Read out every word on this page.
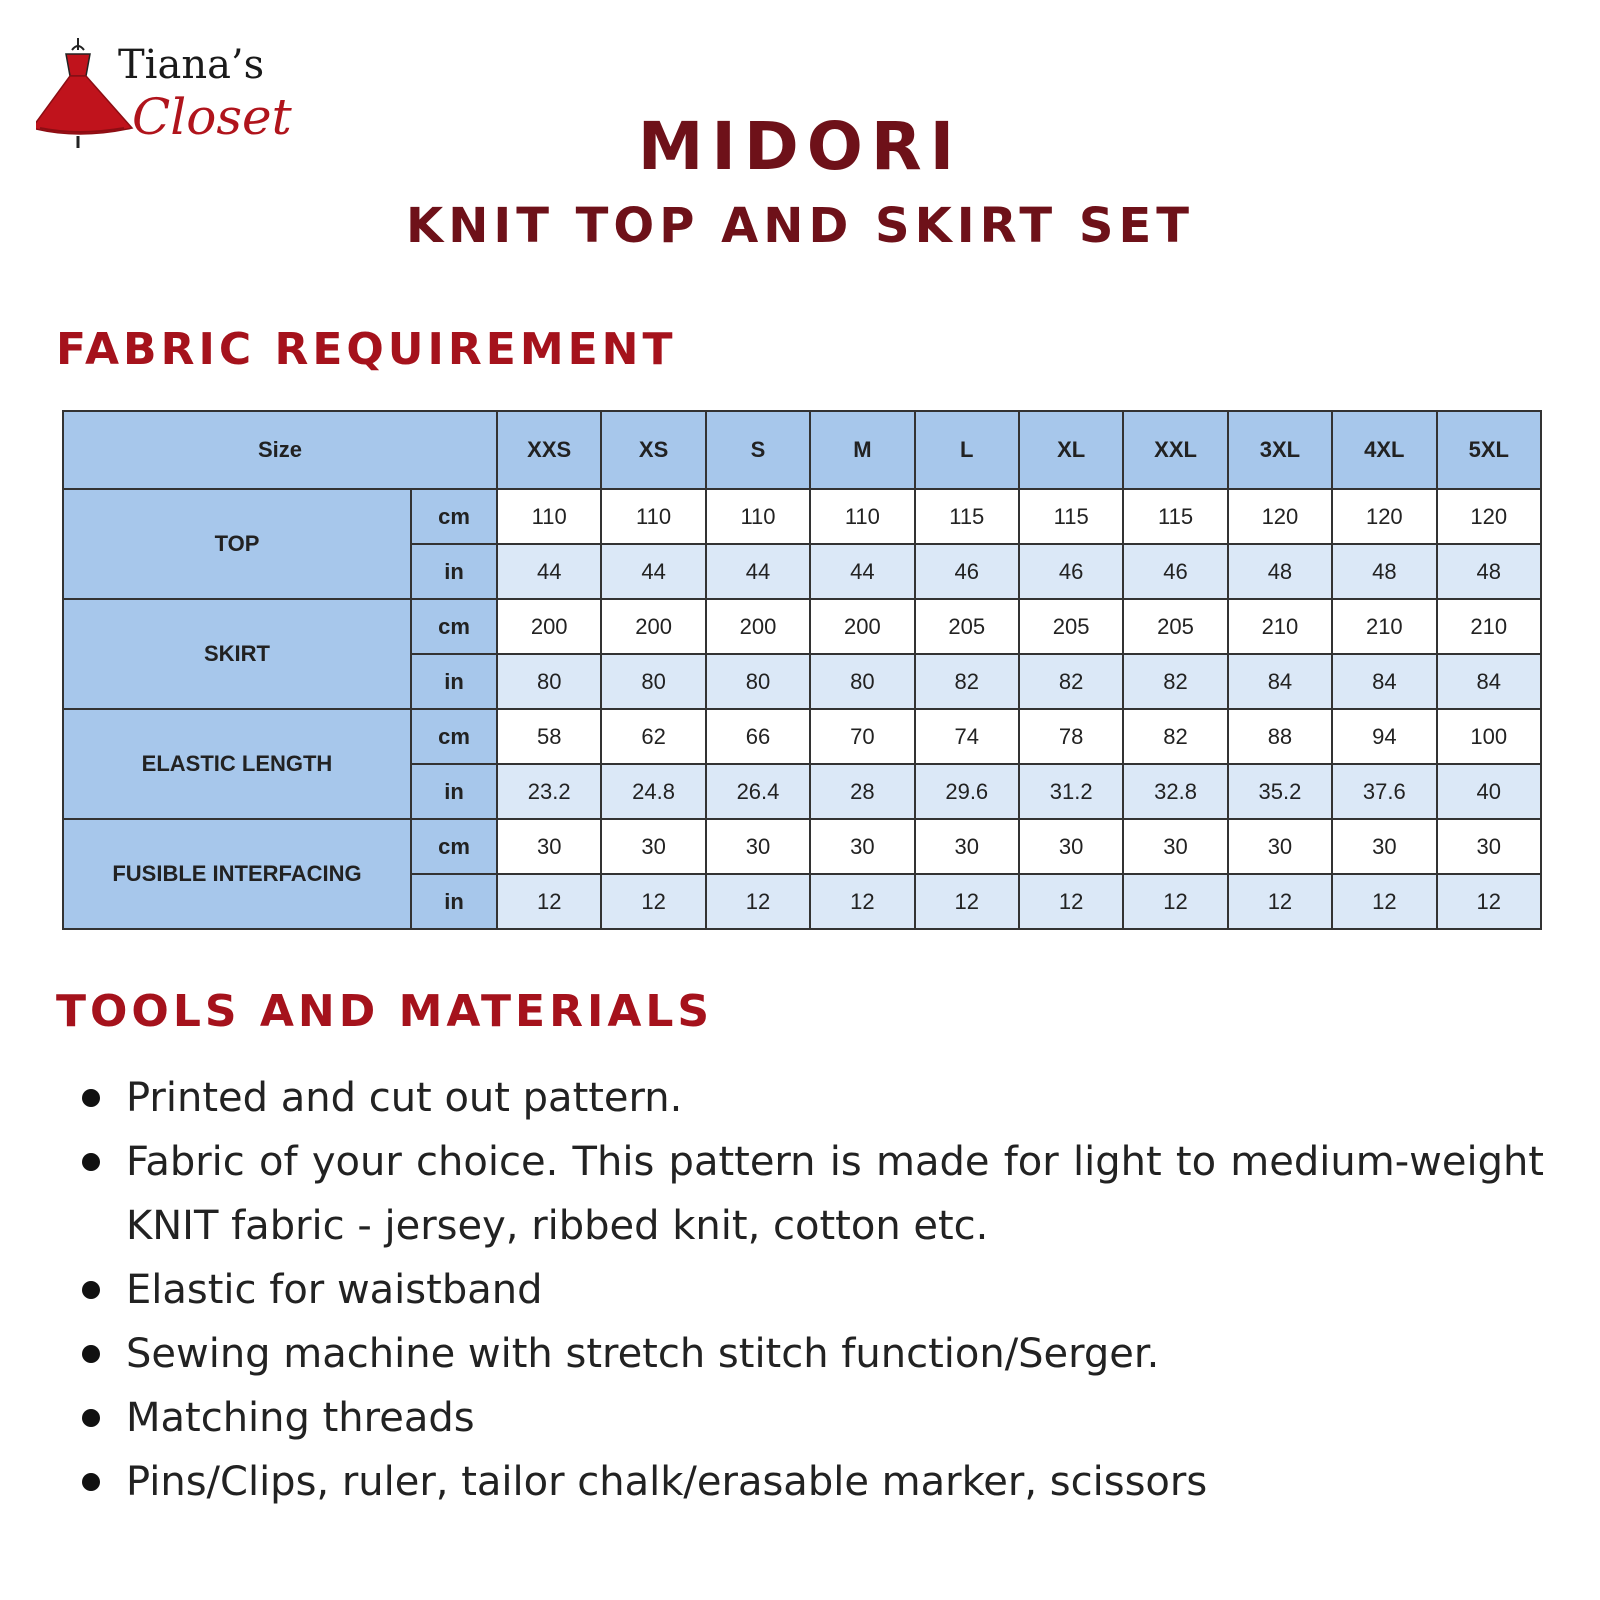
Tiana’s
Closet	MIDORI
KNIT TOP AND SKIRT SET
FABRIC REQUIREMENT
Size		XXS	XS	S	M	L	XL	XXL	3XL	4XL	5XL
TOP	cm	110	110	110	110	115	115	115	120	120	120
	in	44	44	44	44	46	46	46	48	48	48
SKIRT	cm	200	200	200	200	205	205	205	210	210	210
	in	80	80	80	80	82	82	82	84	84	84
ELASTIC LENGTH	cm	58	62	66	70	74	78	82	88	94	100
	in	23.2	24.8	26.4	28	29.6	31.2	32.8	35.2	37.6	40
FUSIBLE INTERFACING	cm	30	30	30	30	30	30	30	30	30	30
	in	12	12	12	12	12	12	12	12	12	12
TOOLS AND MATERIALS
Printed and cut out pattern.
Fabric of your choice. This pattern is made for light to medium-weight KNIT fabric - jersey, ribbed knit, cotton etc.
Elastic for waistband
Sewing machine with stretch stitch function/Serger.
Matching threads
Pins/Clips, ruler, tailor chalk/erasable marker, scissors
